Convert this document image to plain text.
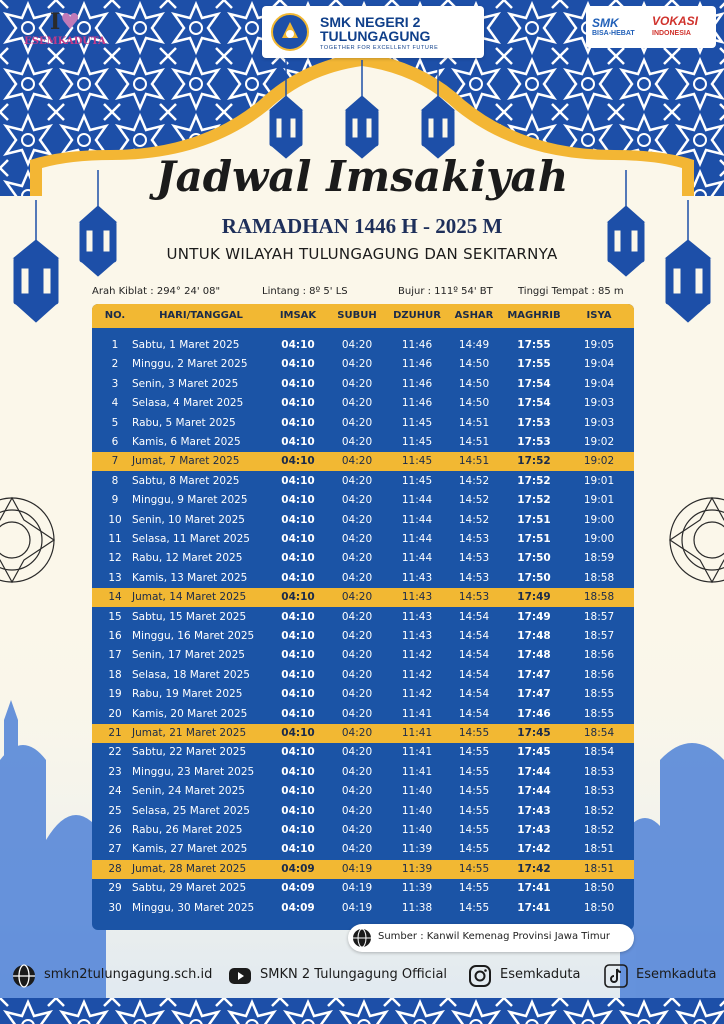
I♥
ESEMKADUTA
SMK NEGERI 2
TULUNGAGUNG
TOGETHER FOR EXCELLENT FUTURE
SMK
BISA-HEBAT
VOKASI
INDONESIA
Jadwal Imsakiyah
RAMADHAN 1446 H - 2025 M
UNTUK WILAYAH TULUNGAGUNG DAN SEKITARNYA
Arah Kiblat : 294° 24' 08"	Lintang : 8º 5' LS	Bujur : 111º 54' BT	Tinggi Tempat : 85 m
NO.	HARI/TANGGAL	IMSAK	SUBUH	DZUHUR	ASHAR	MAGHRIB	ISYA
1	Sabtu, 1 Maret 2025	04:10	04:20	11:46	14:49	17:55	19:05
2	Minggu, 2 Maret 2025	04:10	04:20	11:46	14:50	17:55	19:04
3	Senin, 3 Maret 2025	04:10	04:20	11:46	14:50	17:54	19:04
4	Selasa, 4 Maret 2025	04:10	04:20	11:46	14:50	17:54	19:03
5	Rabu, 5 Maret 2025	04:10	04:20	11:45	14:51	17:53	19:03
6	Kamis, 6 Maret 2025	04:10	04:20	11:45	14:51	17:53	19:02
7	Jumat, 7 Maret 2025	04:10	04:20	11:45	14:51	17:52	19:02
8	Sabtu, 8 Maret 2025	04:10	04:20	11:45	14:52	17:52	19:01
9	Minggu, 9 Maret 2025	04:10	04:20	11:44	14:52	17:52	19:01
10 Senin, 10 Maret 2025	04:10	04:20	11:44	14:52	17:51	19:00
11 Selasa, 11 Maret 2025	04:10	04:20	11:44	14:53	17:51	19:00
12 Rabu, 12 Maret 2025	04:10	04:20	11:44	14:53	17:50	18:59
13 Kamis, 13 Maret 2025	04:10	04:20	11:43	14:53	17:50	18:58
14 Jumat, 14 Maret 2025	04:10	04:20	11:43	14:53	17:49	18:58
15 Sabtu, 15 Maret 2025	04:10	04:20	11:43	14:54	17:49	18:57
16 Minggu, 16 Maret 2025	04:10	04:20	11:43	14:54	17:48	18:57
17 Senin, 17 Maret 2025	04:10	04:20	11:42	14:54	17:48	18:56
18 Selasa, 18 Maret 2025	04:10	04:20	11:42	14:54	17:47	18:56
19 Rabu, 19 Maret 2025	04:10	04:20	11:42	14:54	17:47	18:55
20 Kamis, 20 Maret 2025	04:10	04:20	11:41	14:54	17:46	18:55
21 Jumat, 21 Maret 2025	04:10	04:20	11:41	14:55	17:45	18:54
22 Sabtu, 22 Maret 2025	04:10	04:20	11:41	14:55	17:45	18:54
23 Minggu, 23 Maret 2025	04:10	04:20	11:41	14:55	17:44	18:53
24 Senin, 24 Maret 2025	04:10	04:20	11:40	14:55	17:44	18:53
25 Selasa, 25 Maret 2025	04:10	04:20	11:40	14:55	17:43	18:52
26 Rabu, 26 Maret 2025	04:10	04:20	11:40	14:55	17:43	18:52
27 Kamis, 27 Maret 2025	04:10	04:20	11:39	14:55	17:42	18:51
28 Jumat, 28 Maret 2025	04:09	04:19	11:39	14:55	17:42	18:51
29 Sabtu, 29 Maret 2025	04:09	04:19	11:39	14:55	17:41	18:50
30 Minggu, 30 Maret 2025	04:09	04:19	11:38	14:55	17:41	18:50
Sumber : Kanwil Kemenag Provinsi Jawa Timur
smkn2tulungagung.sch.id	SMKN 2 Tulungagung Official	Esemkaduta	Esemkaduta
